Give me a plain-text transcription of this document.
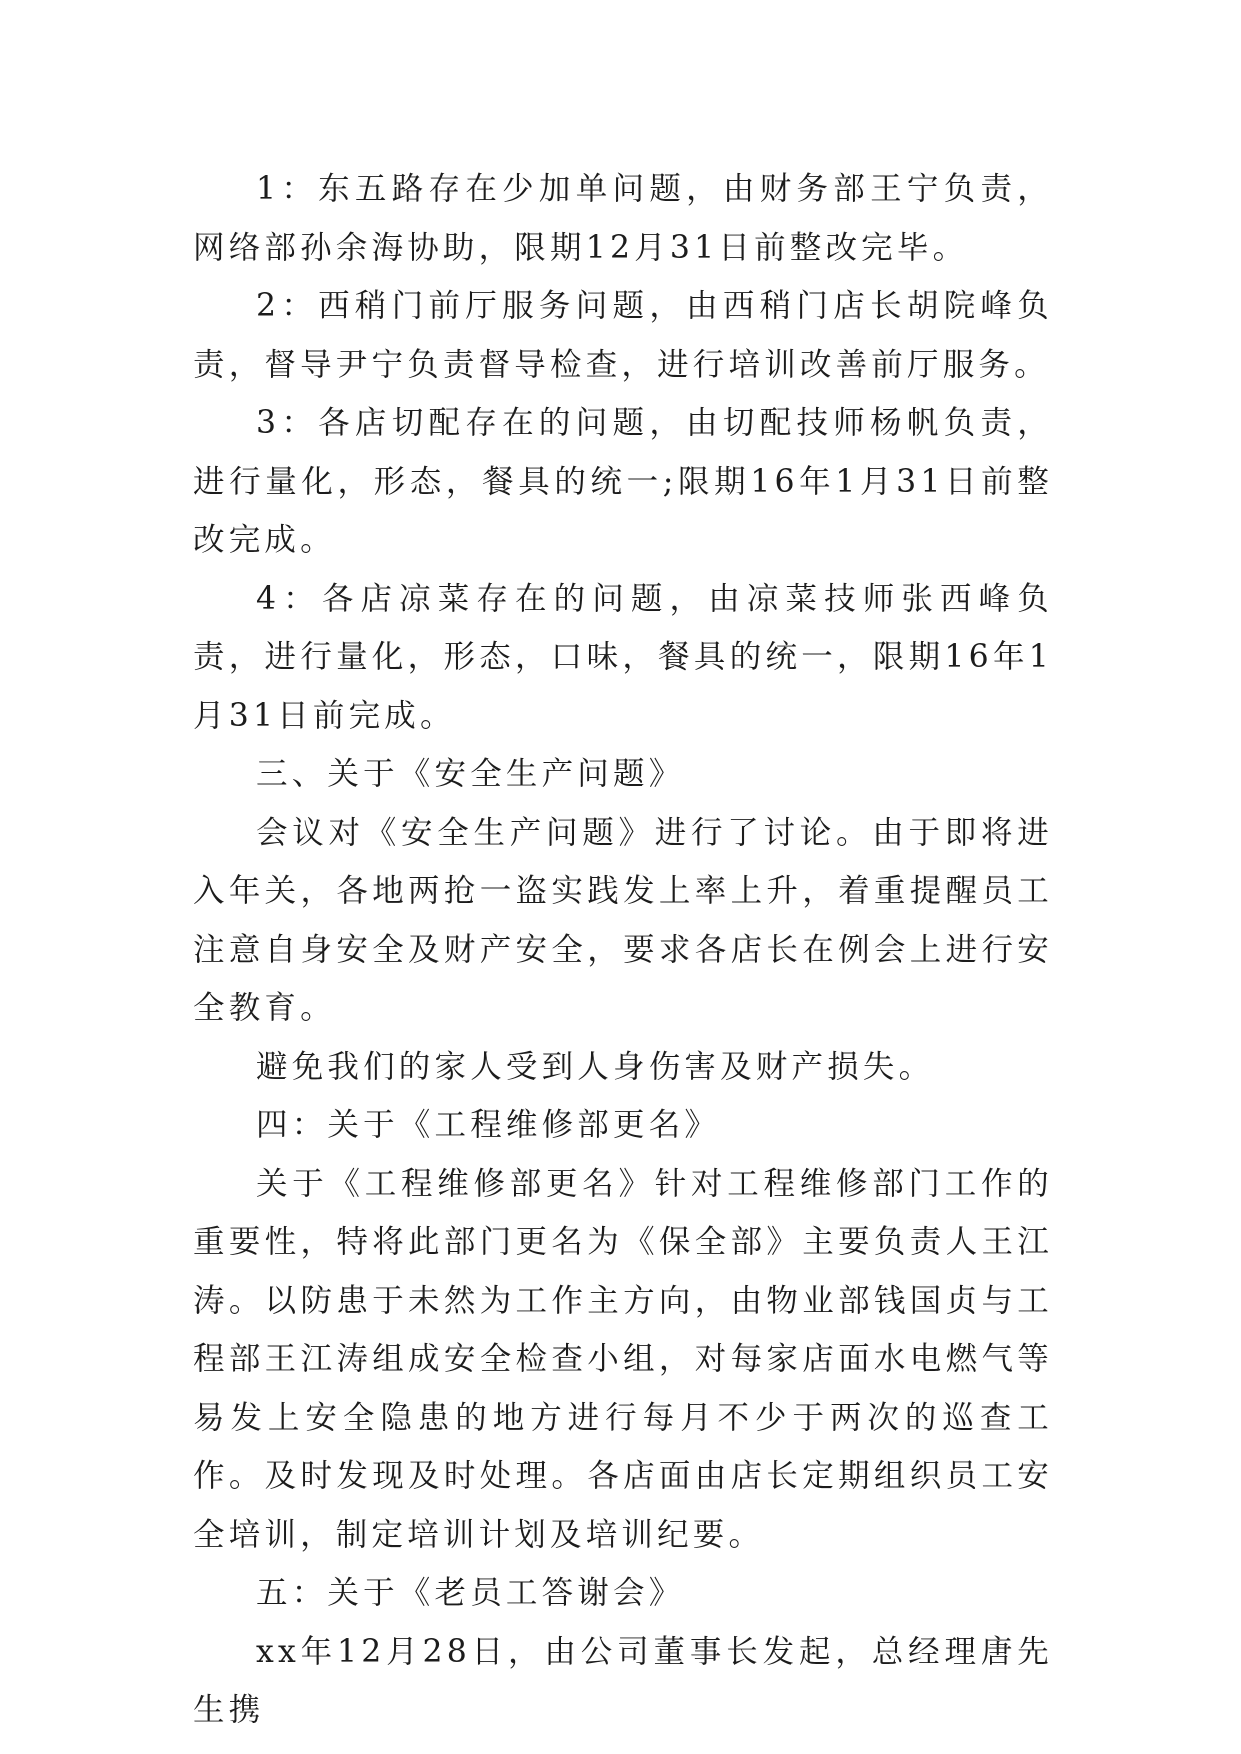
1：东五路存在少加单问题，由财务部王宁负责，网络部孙余海协助，限期12月31日前整改完毕。

2：西稍门前厅服务问题，由西稍门店长胡院峰负责，督导尹宁负责督导检查，进行培训改善前厅服务。

3：各店切配存在的问题，由切配技师杨帆负责，进行量化，形态，餐具的统一;限期16年1月31日前整改完成。

4：各店凉菜存在的问题，由凉菜技师张西峰负责，进行量化，形态，口味，餐具的统一，限期16年1月31日前完成。

三、关于《安全生产问题》

会议对《安全生产问题》进行了讨论。由于即将进入年关，各地两抢一盗实践发上率上升，着重提醒员工注意自身安全及财产安全，要求各店长在例会上进行安全教育。

避免我们的家人受到人身伤害及财产损失。

四：关于《工程维修部更名》

关于《工程维修部更名》针对工程维修部门工作的重要性，特将此部门更名为《保全部》主要负责人王江涛。以防患于未然为工作主方向，由物业部钱国贞与工程部王江涛组成安全检查小组，对每家店面水电燃气等易发上安全隐患的地方进行每月不少于两次的巡查工作。及时发现及时处理。各店面由店长定期组织员工安全培训，制定培训计划及培训纪要。

五：关于《老员工答谢会》

xx年12月28日，由公司董事长发起，总经理唐先生携
